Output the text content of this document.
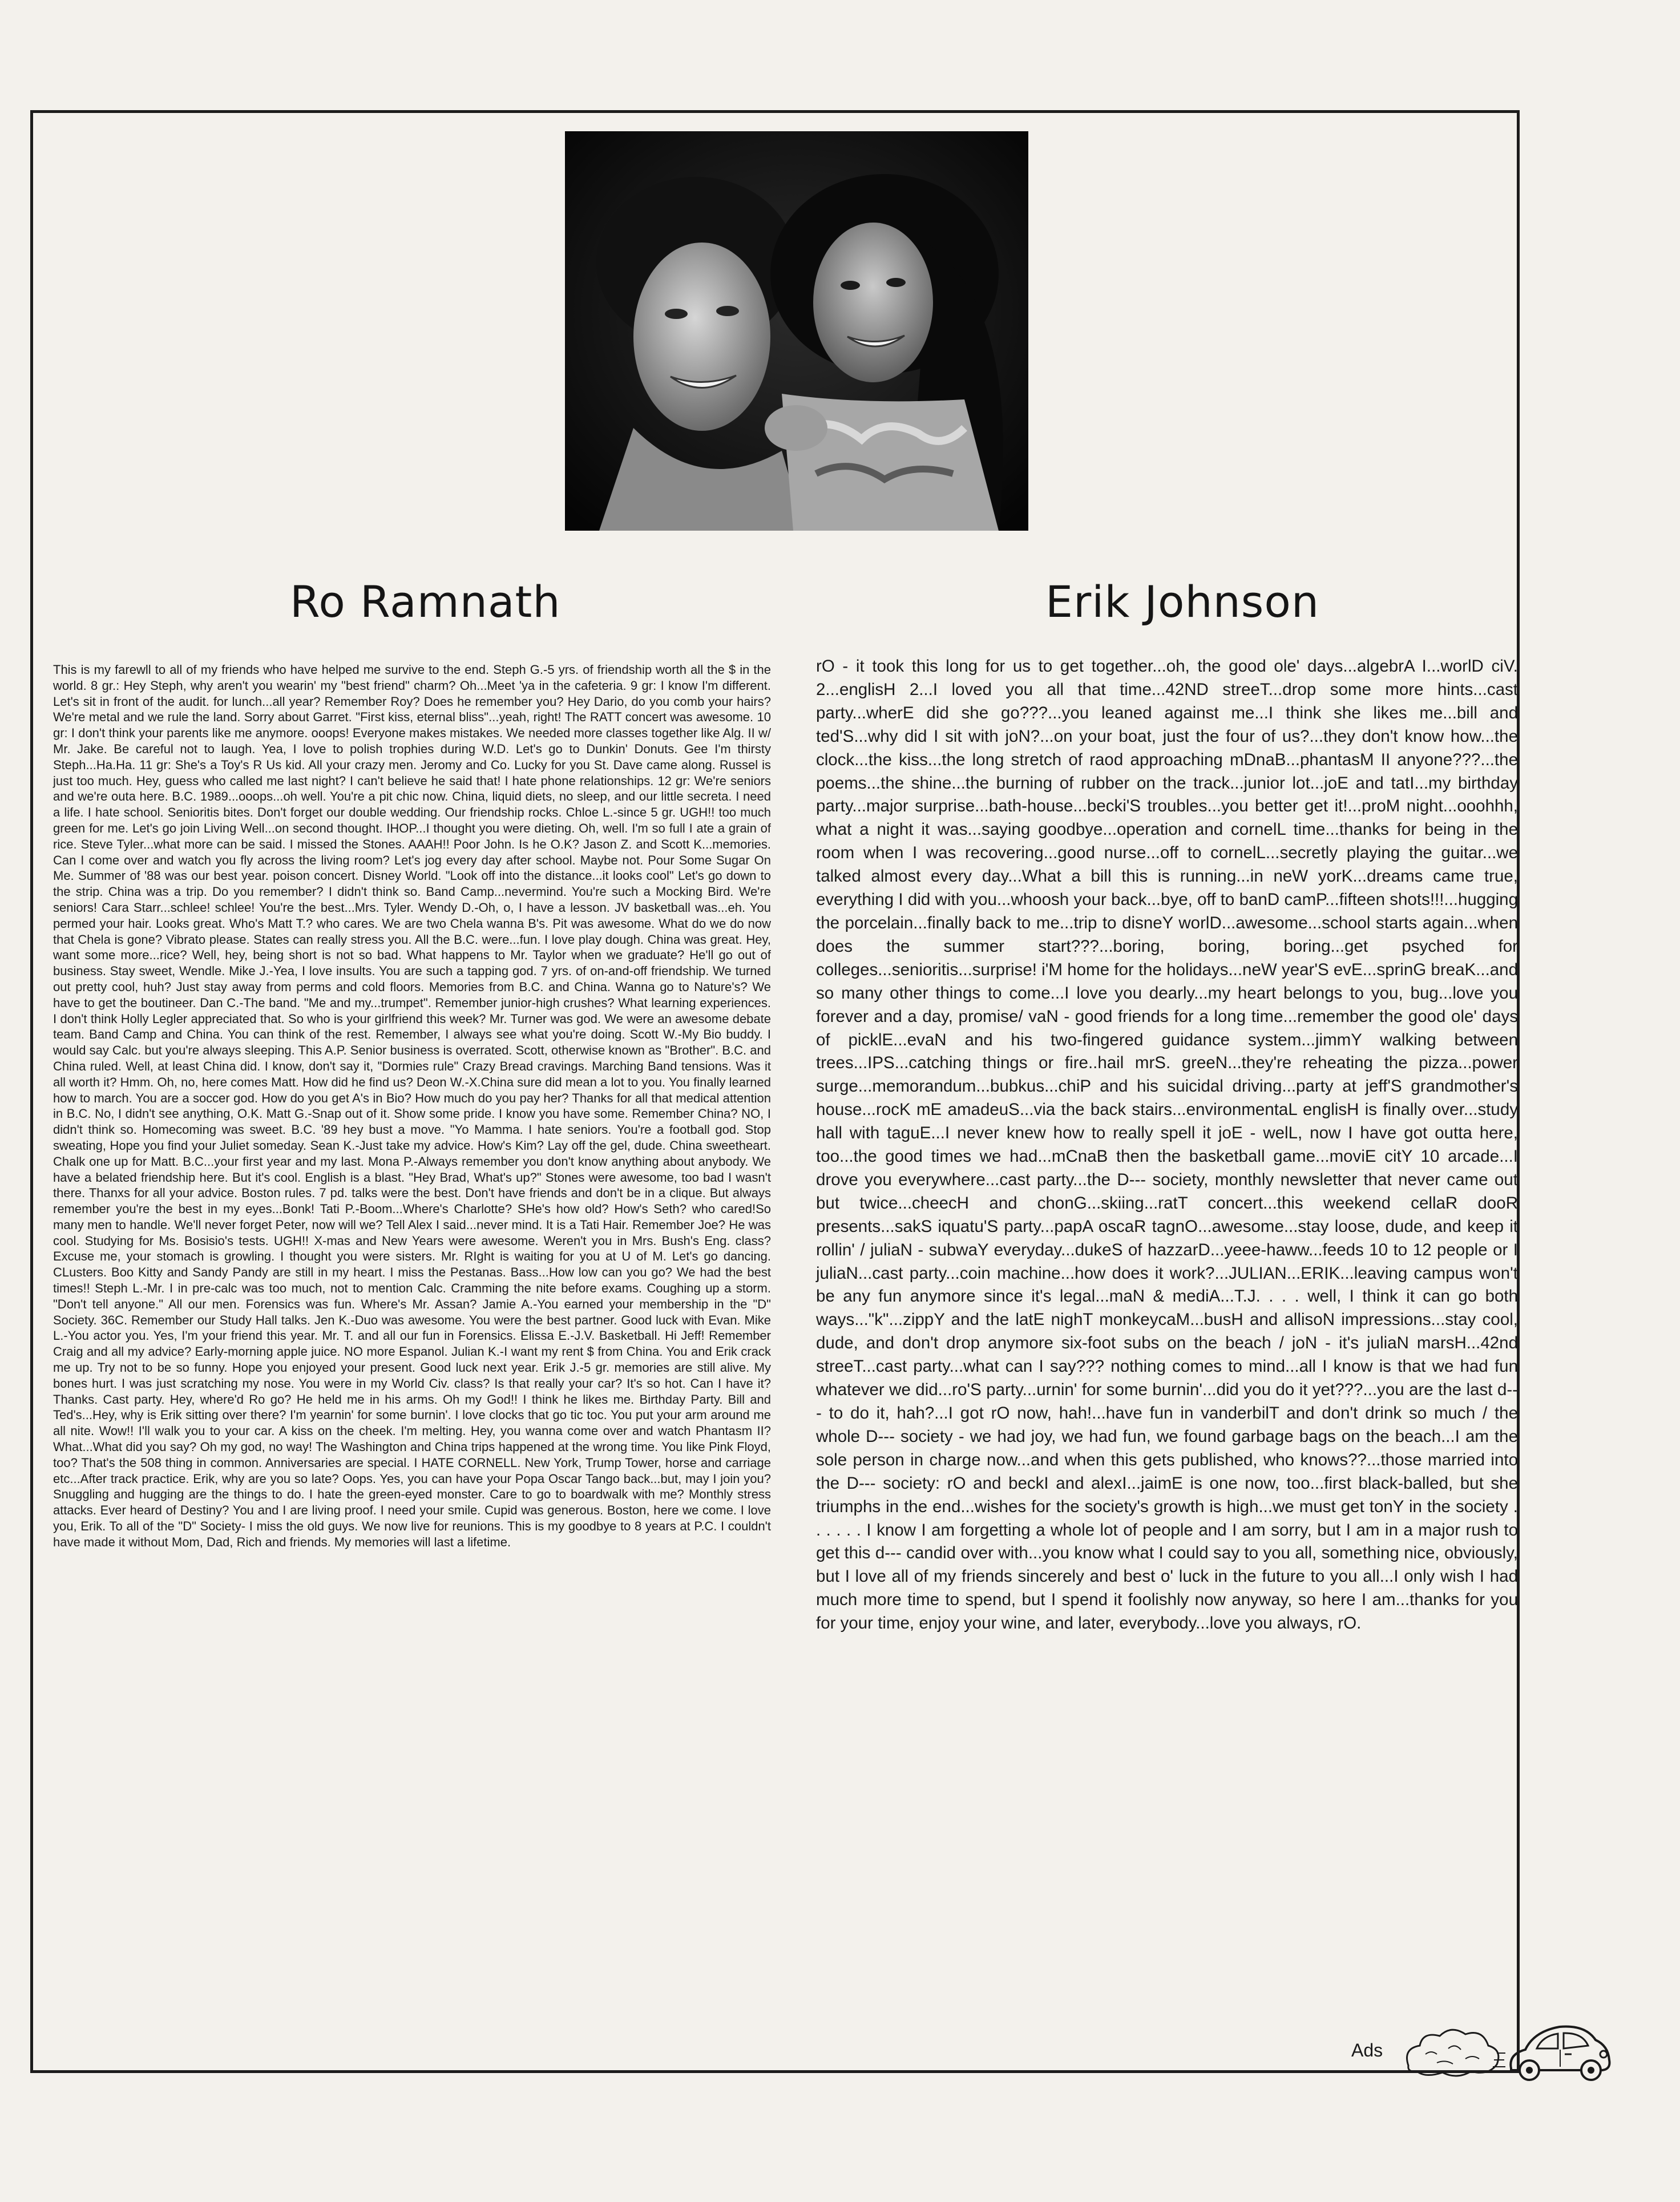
Ro Ramnath	Erik Johnson

This is my farewll to all of my friends who have helped me survive to the end. Steph G.-5 yrs. of friendship worth all the $ in the world. 8 gr.: Hey Steph, why aren't you wearin' my "best friend" charm? Oh...Meet 'ya in the cafeteria. 9 gr: I know I'm different. Let's sit in front of the audit. for lunch...all year? Remember Roy? Does he remember you? Hey Dario, do you comb your hairs? We're metal and we rule the land. Sorry about Garret. "First kiss, eternal bliss"...yeah, right! The RATT concert was awesome. 10 gr: I don't think your parents like me anymore. ooops! Everyone makes mistakes. We needed more classes together like Alg. II w/ Mr. Jake. Be careful not to laugh. Yea, I love to polish trophies during W.D. Let's go to Dunkin' Donuts. Gee I'm thirsty Steph...Ha.Ha. 11 gr: She's a Toy's R Us kid. All your crazy men. Jeromy and Co. Lucky for you St. Dave came along. Russel is just too much. Hey, guess who called me last night? I can't believe he said that! I hate phone relationships. 12 gr: We're seniors and we're outa here. B.C. 1989...ooops...oh well. You're a pit chic now. China, liquid diets, no sleep, and our little secreta. I need a life. I hate school. Senioritis bites. Don't forget our double wedding. Our friendship rocks. Chloe L.-since 5 gr. UGH!! too much green for me. Let's go join Living Well...on second thought. IHOP...I thought you were dieting. Oh, well. I'm so full I ate a grain of rice. Steve Tyler...what more can be said. I missed the Stones. AAAH!! Poor John. Is he O.K? Jason Z. and Scott K...memories. Can I come over and watch you fly across the living room? Let's jog every day after school. Maybe not. Pour Some Sugar On Me. Summer of '88 was our best year. poison concert. Disney World. "Look off into the distance...it looks cool" Let's go down to the strip. China was a trip. Do you remember? I didn't think so. Band Camp...nevermind. You're such a Mocking Bird. We're seniors! Cara Starr...schlee! schlee! You're the best...Mrs. Tyler. Wendy D.-Oh, o, I have a lesson. JV basketball was...eh. You permed your hair. Looks great. Who's Matt T.? who cares. We are two Chela wanna B's. Pit was awesome. What do we do now that Chela is gone? Vibrato please. States can really stress you. All the B.C. were...fun. I love play dough. China was great. Hey, want some more...rice? Well, hey, being short is not so bad. What happens to Mr. Taylor when we graduate? He'll go out of business. Stay sweet, Wendle. Mike J.-Yea, I love insults. You are such a tapping god. 7 yrs. of on-and-off friendship. We turned out pretty cool, huh? Just stay away from perms and cold floors. Memories from B.C. and China. Wanna go to Nature's? We have to get the boutineer. Dan C.-The band. "Me and my...trumpet". Remember junior-high crushes? What learning experiences. I don't think Holly Legler appreciated that. So who is your girlfriend this week? Mr. Turner was god. We were an awesome debate team. Band Camp and China. You can think of the rest. Remember, I always see what you're doing. Scott W.-My Bio buddy. I would say Calc. but you're always sleeping. This A.P. Senior business is overrated. Scott, otherwise known as "Brother". B.C. and China ruled. Well, at least China did. I know, don't say it, "Dormies rule" Crazy Bread cravings. Marching Band tensions. Was it all worth it? Hmm. Oh, no, here comes Matt. How did he find us? Deon W.-X.China sure did mean a lot to you. You finally learned how to march. You are a soccer god. How do you get A's in Bio? How much do you pay her? Thanks for all that medical attention in B.C. No, I didn't see anything, O.K. Matt G.-Snap out of it. Show some pride. I know you have some. Remember China? NO, I didn't think so. Homecoming was sweet. B.C. '89 hey bust a move. "Yo Mamma. I hate seniors. You're a football god. Stop sweating, Hope you find your Juliet someday. Sean K.-Just take my advice. How's Kim? Lay off the gel, dude. China sweetheart. Chalk one up for Matt. B.C...your first year and my last. Mona P.-Always remember you don't know anything about anybody. We have a belated friendship here. But it's cool. English is a blast. "Hey Brad, What's up?" Stones were awesome, too bad I wasn't there. Thanxs for all your advice. Boston rules. 7 pd. talks were the best. Don't have friends and don't be in a clique. But always remember you're the best in my eyes...Bonk! Tati P.-Boom...Where's Charlotte? SHe's how old? How's Seth? who cared!So many men to handle. We'll never forget Peter, now will we? Tell Alex I said...never mind. It is a Tati Hair. Remember Joe? He was cool. Studying for Ms. Bosisio's tests. UGH!! X-mas and New Years were awesome. Weren't you in Mrs. Bush's Eng. class? Excuse me, your stomach is growling. I thought you were sisters. Mr. RIght is waiting for you at U of M. Let's go dancing. CLusters. Boo Kitty and Sandy Pandy are still in my heart. I miss the Pestanas. Bass...How low can you go? We had the best times!! Steph L.-Mr. I in pre-calc was too much, not to mention Calc. Cramming the nite before exams. Coughing up a storm. "Don't tell anyone." All our men. Forensics was fun. Where's Mr. Assan? Jamie A.-You earned your membership in the "D" Society. 36C. Remember our Study Hall talks. Jen K.-Duo was awesome. You were the best partner. Good luck with Evan. Mike L.-You actor you. Yes, I'm your friend this year. Mr. T. and all our fun in Forensics. Elissa E.-J.V. Basketball. Hi Jeff! Remember Craig and all my advice? Early-morning apple juice. NO more Espanol. Julian K.-I want my rent $ from China. You and Erik crack me up. Try not to be so funny. Hope you enjoyed your present. Good luck next year. Erik J.-5 gr. memories are still alive. My bones hurt. I was just scratching my nose. You were in my World Civ. class? Is that really your car? It's so hot. Can I have it? Thanks. Cast party. Hey, where'd Ro go? He held me in his arms. Oh my God!! I think he likes me. Birthday Party. Bill and Ted's...Hey, why is Erik sitting over there? I'm yearnin' for some burnin'. I love clocks that go tic toc. You put your arm around me all nite. Wow!! I'll walk you to your car. A kiss on the cheek. I'm melting. Hey, you wanna come over and watch Phantasm II? What...What did you say? Oh my god, no way! The Washington and China trips happened at the wrong time. You like Pink Floyd, too? That's the 508 thing in common. Anniversaries are special. I HATE CORNELL. New York, Trump Tower, horse and carriage etc...After track practice. Erik, why are you so late? Oops. Yes, you can have your Popa Oscar Tango back...but, may I join you? Snuggling and hugging are the things to do. I hate the green-eyed monster. Care to go to boardwalk with me? Monthly stress attacks. Ever heard of Destiny? You and I are living proof. I need your smile. Cupid was generous. Boston, here we come. I love you, Erik. To all of the "D" Society- I miss the old guys. We now live for reunions. This is my goodbye to 8 years at P.C. I couldn't have made it without Mom, Dad, Rich and friends. My memories will last a lifetime.

rO - it took this long for us to get together...oh, the good ole' days...algebrA I...worlD ciV. 2...englisH 2...I loved you all that time...42ND streeT...drop some more hints...cast party...wherE did she go???...you leaned against me...I think she likes me...bill and ted'S...why did I sit with joN?...on your boat, just the four of us?...they don't know how...the clock...the kiss...the long stretch of raod approaching mDnaB...phantasM II anyone???...the poems...the shine...the burning of rubber on the track...junior lot...joE and tatI...my birthday party...major surprise...bath-house...becki'S troubles...you better get it!...proM night...ooohhh, what a night it was...saying goodbye...operation and cornelL time...thanks for being in the room when I was recovering...good nurse...off to cornelL...secretly playing the guitar...we talked almost every day...What a bill this is running...in neW yorK...dreams came true, everything I did with you...whoosh your back...bye, off to banD camP...fifteen shots!!!...hugging the porcelain...finally back to me...trip to disneY worlD...awesome...school starts again...when does the summer start???...boring, boring, boring...get psyched for colleges...senioritis...surprise! i'M home for the holidays...neW year'S evE...sprinG breaK...and so many other things to come...I love you dearly...my heart belongs to you, bug...love you forever and a day, promise/ vaN - good friends for a long time...remember the good ole' days of picklE...evaN and his two-fingered guidance system...jimmY walking between trees...IPS...catching things or fire..hail mrS. greeN...they're reheating the pizza...power surge...memorandum...bubkus...chiP and his suicidal driving...party at jeff'S grandmother's house...rocK mE amadeuS...via the back stairs...environmentaL englisH is finally over...study hall with taguE...I never knew how to really spell it joE - welL, now I have got outta here, too...the good times we had...mCnaB then the basketball game...moviE citY 10 arcade...I drove you everywhere...cast party...the D--- society, monthly newsletter that never came out but twice...cheecH and chonG...skiing...ratT concert...this weekend cellaR dooR presents...sakS iquatu'S party...papA oscaR tagnO...awesome...stay loose, dude, and keep it rollin' / juliaN - subwaY everyday...dukeS of hazzarD...yeee-haww...feeds 10 to 12 people or I juliaN...cast party...coin machine...how does it work?...JULIAN...ERIK...leaving campus won't be any fun anymore since it's legal...maN & mediA...T.J. . . . well, I think it can go both ways..."k"...zippY and the latE nighT monkeycaM...busH and allisoN impressions...stay cool, dude, and don't drop anymore six-foot subs on the beach / joN - it's juliaN marsH...42nd streeT...cast party...what can I say??? nothing comes to mind...all I know is that we had fun whatever we did...ro'S party...urnin' for some burnin'...did you do it yet???...you are the last d--- to do it, hah?...I got rO now, hah!...have fun in vanderbilT and don't drink so much / the whole D--- society - we had joy, we had fun, we found garbage bags on the beach...I am the sole person in charge now...and when this gets published, who knows??...those married into the D--- society: rO and beckI and alexI...jaimE is one now, too...first black-balled, but she triumphs in the end...wishes for the society's growth is high...we must get tonY in the society . . . . . . I know I am forgetting a whole lot of people and I am sorry, but I am in a major rush to get this d--- candid over with...you know what I could say to you all, something nice, obviously, but I love all of my friends sincerely and best o' luck in the future to you all...I only wish I had much more time to spend, but I spend it foolishly now anyway, so here I am...thanks for you for your time, enjoy your wine, and later, everybody...love you always, rO.

Ads
